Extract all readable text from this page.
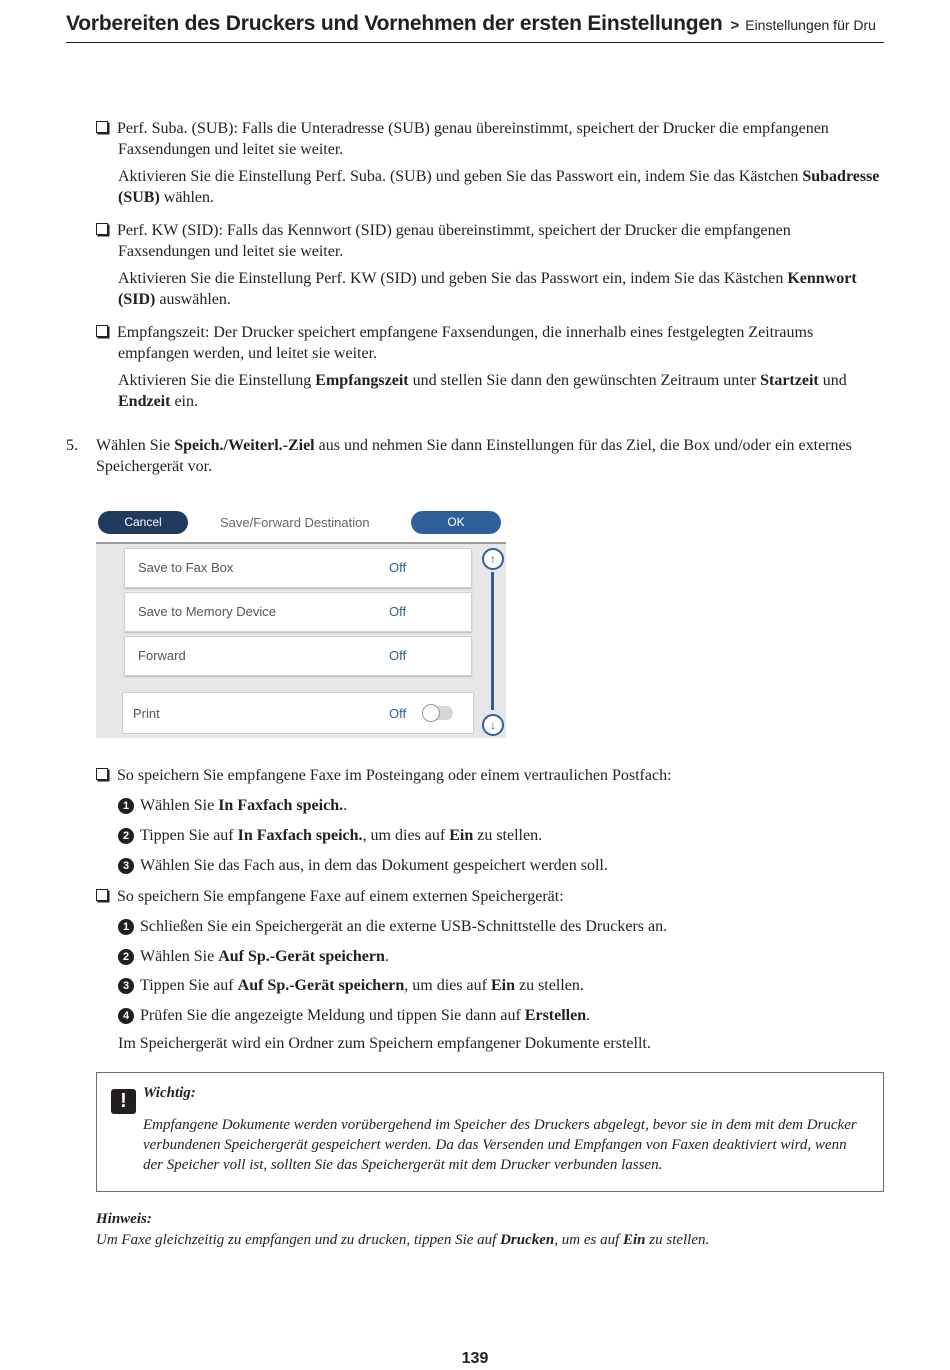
Vorbereiten des Druckers und Vornehmen der ersten Einstellungen > Einstellungen für Dru

Perf. Suba. (SUB): Falls die Unteradresse (SUB) genau übereinstimmt, speichert der Drucker die empfangenen Faxsendungen und leitet sie weiter.

Aktivieren Sie die Einstellung Perf. Suba. (SUB) und geben Sie das Passwort ein, indem Sie das Kästchen Subadresse (SUB) wählen.

Perf. KW (SID): Falls das Kennwort (SID) genau übereinstimmt, speichert der Drucker die empfangenen Faxsendungen und leitet sie weiter.

Aktivieren Sie die Einstellung Perf. KW (SID) und geben Sie das Passwort ein, indem Sie das Kästchen Kennwort (SID) auswählen.

Empfangszeit: Der Drucker speichert empfangene Faxsendungen, die innerhalb eines festgelegten Zeitraums empfangen werden, und leitet sie weiter.

Aktivieren Sie die Einstellung Empfangszeit und stellen Sie dann den gewünschten Zeitraum unter Startzeit und Endzeit ein.

5. Wählen Sie Speich./Weiterl.-Ziel aus und nehmen Sie dann Einstellungen für das Ziel, die Box und/oder ein externes Speichergerät vor.
Cancel	Save/Forward Destination	OK
Save to Fax Box	Off
Save to Memory Device	Off
Forward	Off
Print	Off
↑
↓

So speichern Sie empfangene Faxe im Posteingang oder einem vertraulichen Postfach:

1 Wählen Sie In Faxfach speich..
2 Tippen Sie auf In Faxfach speich., um dies auf Ein zu stellen.
3 Wählen Sie das Fach aus, in dem das Dokument gespeichert werden soll.

So speichern Sie empfangene Faxe auf einem externen Speichergerät:

1 Schließen Sie ein Speichergerät an die externe USB-Schnittstelle des Druckers an.
2 Wählen Sie Auf Sp.-Gerät speichern.
3 Tippen Sie auf Auf Sp.-Gerät speichern, um dies auf Ein zu stellen.
4 Prüfen Sie die angezeigte Meldung und tippen Sie dann auf Erstellen.
Im Speichergerät wird ein Ordner zum Speichern empfangener Dokumente erstellt.
!	Wichtig:
Empfangene Dokumente werden vorübergehend im Speicher des Druckers abgelegt, bevor sie in dem mit dem Drucker verbundenen Speichergerät gespeichert werden. Da das Versenden und Empfangen von Faxen deaktiviert wird, wenn der Speicher voll ist, sollten Sie das Speichergerät mit dem Drucker verbunden lassen.
Hinweis:
Um Faxe gleichzeitig zu empfangen und zu drucken, tippen Sie auf Drucken, um es auf Ein zu stellen.
139
